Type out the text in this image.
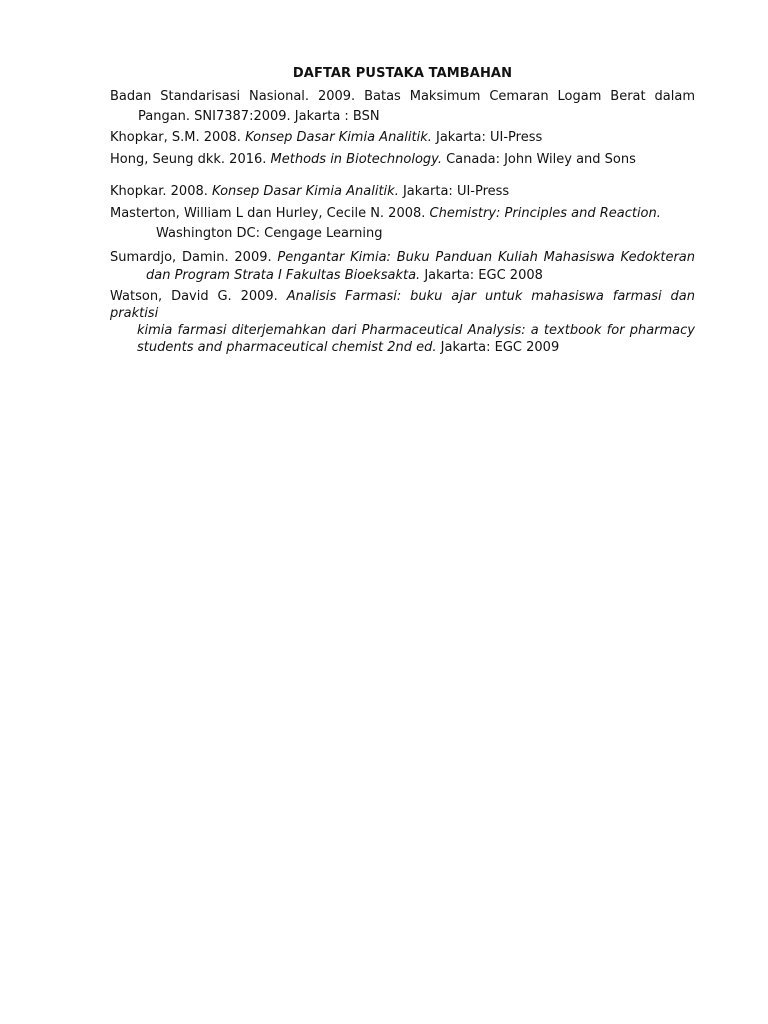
DAFTAR PUSTAKA TAMBAHAN
Badan Standarisasi Nasional. 2009. Batas Maksimum Cemaran Logam Berat dalam
Pangan. SNI7387:2009. Jakarta : BSN
Khopkar, S.M. 2008. Konsep Dasar Kimia Analitik. Jakarta: UI-Press
Hong, Seung dkk. 2016. Methods in Biotechnology. Canada: John Wiley and Sons
Khopkar. 2008. Konsep Dasar Kimia Analitik. Jakarta: UI-Press
Masterton, William L dan Hurley, Cecile N. 2008. Chemistry: Principles and Reaction.
Washington DC: Cengage Learning
Sumardjo, Damin. 2009. Pengantar Kimia: Buku Panduan Kuliah Mahasiswa Kedokteran
dan Program Strata I Fakultas Bioeksakta. Jakarta: EGC 2008
Watson, David G. 2009. Analisis Farmasi: buku ajar untuk mahasiswa farmasi dan praktisi
kimia farmasi diterjemahkan dari Pharmaceutical Analysis: a textbook for pharmacy
students and pharmaceutical chemist 2nd ed. Jakarta: EGC 2009
